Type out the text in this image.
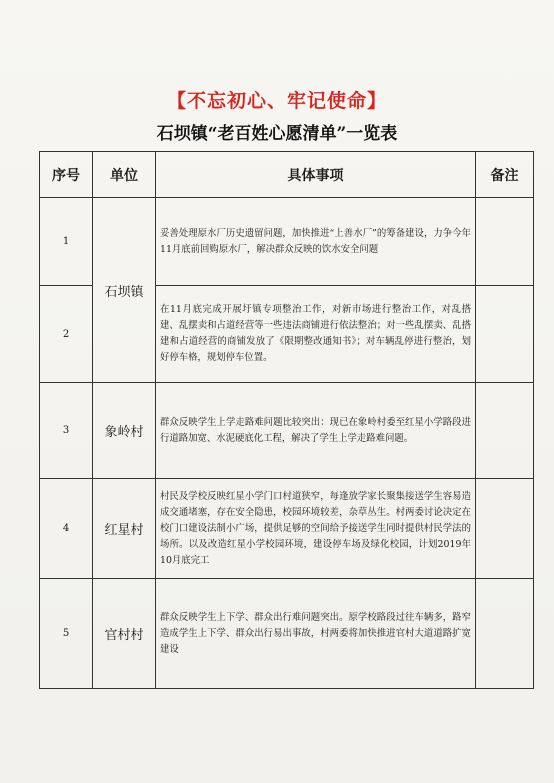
【不忘初心、牢记使命】
石坝镇“老百姓心愿清单”一览表
序号	单位	具体事项	备注
1	石坝镇	妥善处理原水厂历史遗留问题，加快推进“上善水厂”的筹备建设，力争今年11月底前回购原水厂，解决群众反映的饮水安全问题	
2		在11月底完成开展圩镇专项整治工作，对新市场进行整治工作，对乱搭建、乱摆卖和占道经营等一些违法商铺进行依法整治；对一些乱摆卖、乱搭建和占道经营的商铺发放了《限期整改通知书》；对车辆乱停进行整治，划好停车格，规划停车位置。	
3	象岭村	群众反映学生上学走路难问题比较突出：现已在象岭村委至红星小学路段进行道路加宽、水泥硬底化工程，解决了学生上学走路难问题。	
4	红星村	村民及学校反映红星小学门口村道狭窄，每逢放学家长聚集接送学生容易造成交通堵塞，存在安全隐患，校园环境较差，杂草丛生。村两委讨论决定在校门口建设法制小广场，提供足够的空间给予接送学生同时提供村民学法的场所。以及改造红星小学校园环境，建设停车场及绿化校园，计划2019年10月底完工	
5	官村村	群众反映学生上下学、群众出行难问题突出。原学校路段过往车辆多，路窄造成学生上下学、群众出行易出事故，村两委将加快推进官村大道道路扩宽建设	
